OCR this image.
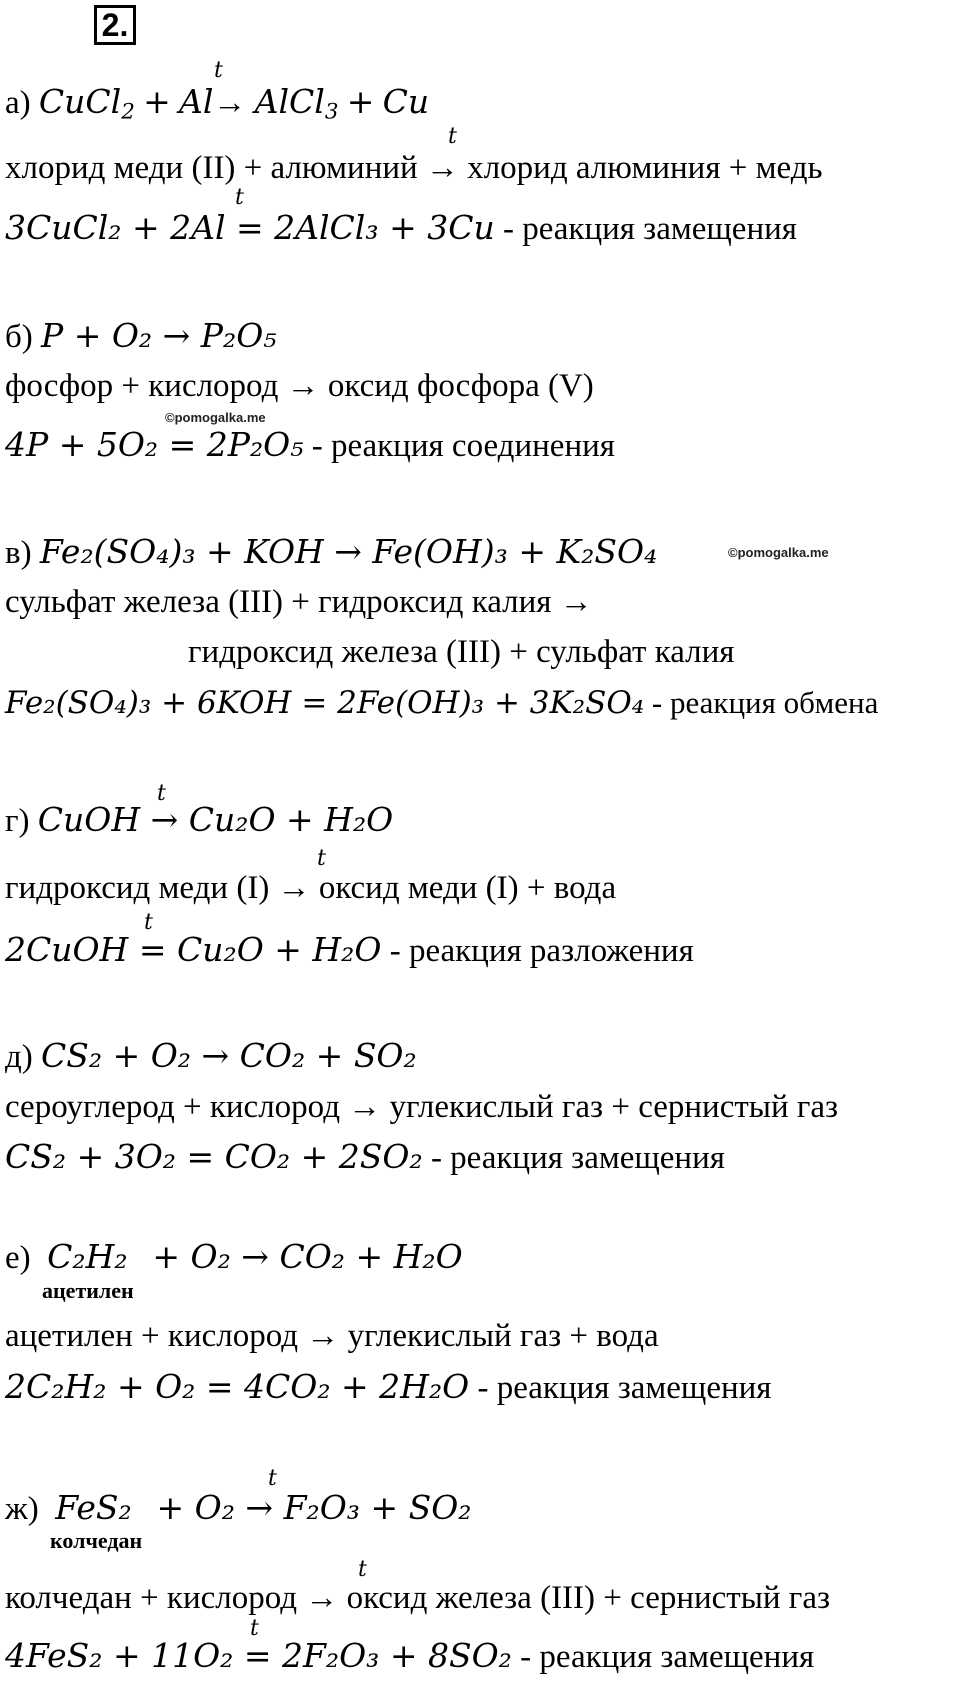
2.
t
а) CuCl$_2$ + Al→ AlCl$_3$ + Cu
t
хлорид меди (II) + алюминий → хлорид алюминия + медь
t
3CuCl₂ + 2Al = 2AlCl₃ + 3Cu - реакция замещения
б) P + O₂ → P₂O₅
фосфор + кислород → оксид фосфора (V)
©pomogalka.me
4P + 5O₂ = 2P₂O₅ - реакция соединения
в) Fe₂(SO₄)₃ + KOH → Fe(OH)₃ + K₂SO₄	©pomogalka.me
сульфат железа (III) + гидроксид калия →
гидроксид железа (III) + сульфат калия
Fe₂(SO₄)₃ + 6KOH = 2Fe(OH)₃ + 3K₂SO₄ - реакция обмена
t
г) CuOH → Cu₂O + H₂O
t
гидроксид меди (I) → оксид меди (I) + вода
t
2CuOH = Cu₂O + H₂O - реакция разложения
д) CS₂ + O₂ → CO₂ + SO₂
сероуглерод + кислород → углекислый газ + сернистый газ
CS₂ + 3O₂ = CO₂ + 2SO₂ - реакция замещения
е) C₂H₂ + O₂ → CO₂ + H₂O
ацетилен
ацетилен + кислород → углекислый газ + вода
2C₂H₂ + O₂ = 4CO₂ + 2H₂O - реакция замещения
t
ж) FeS₂ + O₂ → F₂O₃ + SO₂
колчедан
t
колчедан + кислород → оксид железа (III) + сернистый газ
t
4FeS₂ + 11O₂ = 2F₂O₃ + 8SO₂ - реакция замещения
